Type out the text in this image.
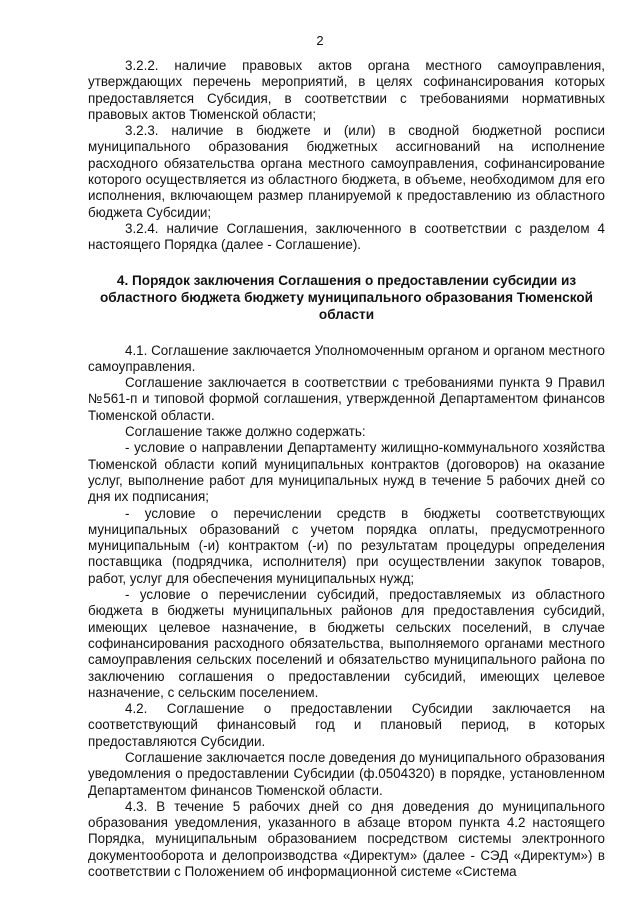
2

3.2.2. наличие правовых актов органа местного самоуправления, утверждающих перечень мероприятий, в целях софинансирования которых предоставляется Субсидия, в соответствии с требованиями нормативных правовых актов Тюменской области;

3.2.3. наличие в бюджете и (или) в сводной бюджетной росписи муниципального образования бюджетных ассигнований на исполнение расходного обязательства органа местного самоуправления, софинансирование которого осуществляется из областного бюджета, в объеме, необходимом для его исполнения, включающем размер планируемой к предоставлению из областного бюджета Субсидии;

3.2.4. наличие Соглашения, заключенного в соответствии с разделом 4 настоящего Порядка (далее - Соглашение).

4. Порядок заключения Соглашения о предоставлении субсидии из областного бюджета бюджету муниципального образования Тюменской области

4.1. Соглашение заключается Уполномоченным органом и органом местного самоуправления.

Соглашение заключается в соответствии с требованиями пункта 9 Правил №561-п и типовой формой соглашения, утвержденной Департаментом финансов Тюменской области.

Соглашение также должно содержать:

- условие о направлении Департаменту жилищно-коммунального хозяйства Тюменской области копий муниципальных контрактов (договоров) на оказание услуг, выполнение работ для муниципальных нужд в течение 5 рабочих дней со дня их подписания;

- условие о перечислении средств в бюджеты соответствующих муниципальных образований с учетом порядка оплаты, предусмотренного муниципальным (-и) контрактом (-и) по результатам процедуры определения поставщика (подрядчика, исполнителя) при осуществлении закупок товаров, работ, услуг для обеспечения муниципальных нужд;

- условие о перечислении субсидий, предоставляемых из областного бюджета в бюджеты муниципальных районов для предоставления субсидий, имеющих целевое назначение, в бюджеты сельских поселений, в случае софинансирования расходного обязательства, выполняемого органами местного самоуправления сельских поселений и обязательство муниципального района по заключению соглашения о предоставлении субсидий, имеющих целевое назначение, с сельским поселением.

4.2. Соглашение о предоставлении Субсидии заключается на соответствующий финансовый год и плановый период, в которых предоставляются Субсидии.

Соглашение заключается после доведения до муниципального образования уведомления о предоставлении Субсидии (ф.0504320) в порядке, установленном Департаментом финансов Тюменской области.

4.3. В течение 5 рабочих дней со дня доведения до муниципального образования уведомления, указанного в абзаце втором пункта 4.2 настоящего Порядка, муниципальным образованием посредством системы электронного документооборота и делопроизводства «Директум» (далее - СЭД «Директум») в соответствии с Положением об информационной системе «Система
